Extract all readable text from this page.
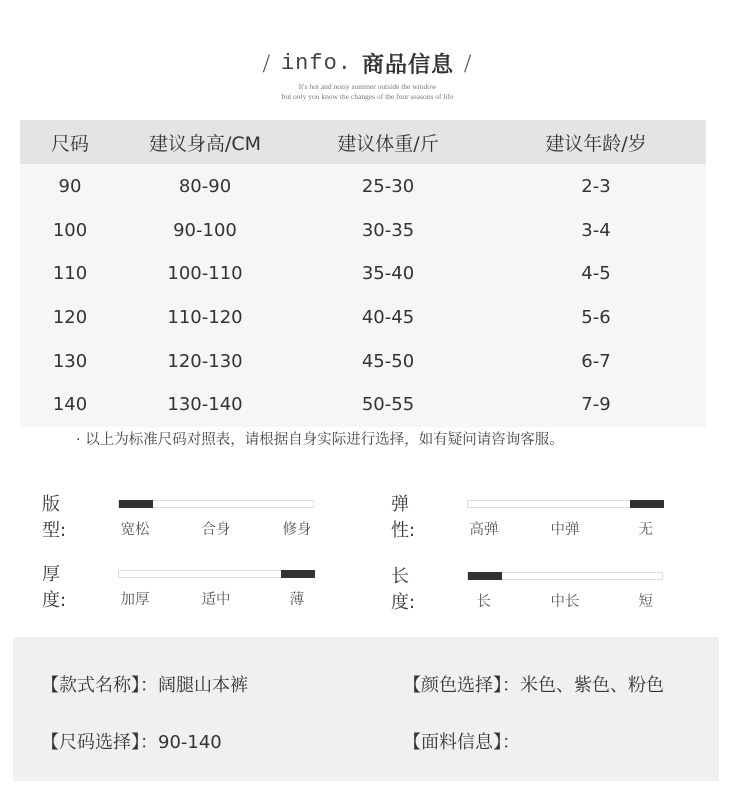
/ info. 商品信息 /
It's hot and noisy summer outside the window
but only you know the changes of the four seasons of life
尺码	建议身高/CM	建议体重/斤	建议年龄/岁
90	80-90	25-30	2-3
100	90-100	30-35	3-4
110	100-110	35-40	4-5
120	110-120	40-45	5-6
130	120-130	45-50	6-7
140	130-140	50-55	7-9
· 以上为标准尺码对照表，请根据自身实际进行选择，如有疑问请咨询客服。
版型:	宽松	合身	修身
弹性:	高弹	中弹	无
厚度:	加厚	适中	薄
长度:	长	中长	短
【款式名称】：阔腿山本裤	【颜色选择】：米色、紫色、粉色
【尺码选择】：90-140	【面料信息】：
